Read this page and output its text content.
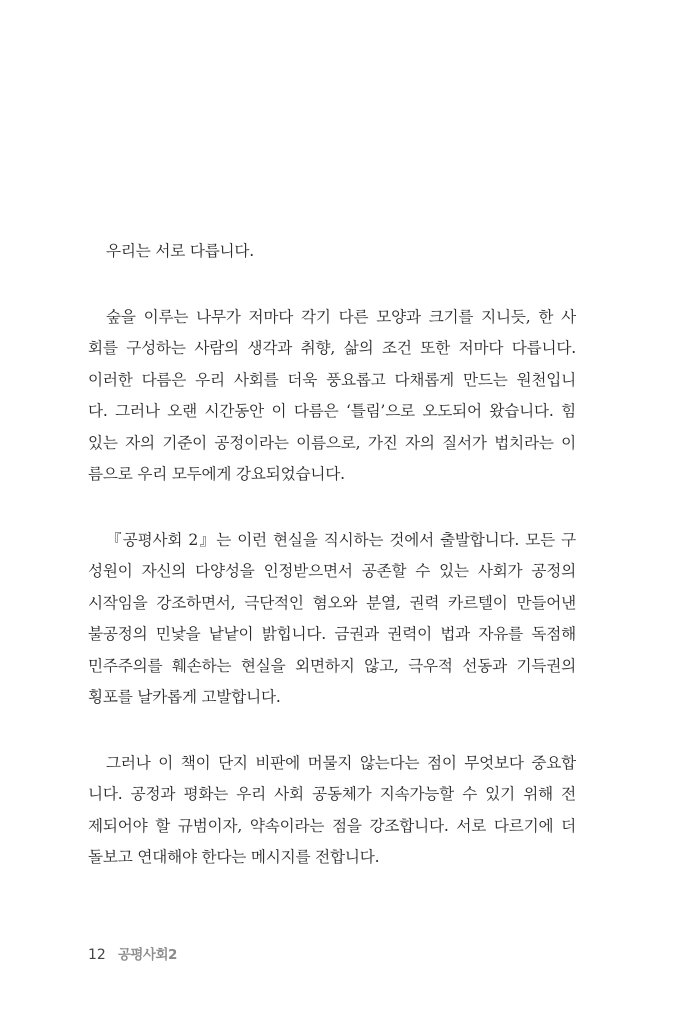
우리는 서로 다릅니다.

숲을 이루는 나무가 저마다 각기 다른 모양과 크기를 지니듯, 한 사
회를 구성하는 사람의 생각과 취향, 삶의 조건 또한 저마다 다릅니다.
이러한 다름은 우리 사회를 더욱 풍요롭고 다채롭게 만드는 원천입니
다. 그러나 오랜 시간동안 이 다름은 ‘틀림’으로 오도되어 왔습니다. 힘
있는 자의 기준이 공정이라는 이름으로, 가진 자의 질서가 법치라는 이
름으로 우리 모두에게 강요되었습니다.

『공평사회 2』는 이런 현실을 직시하는 것에서 출발합니다. 모든 구
성원이 자신의 다양성을 인정받으면서 공존할 수 있는 사회가 공정의
시작임을 강조하면서, 극단적인 혐오와 분열, 권력 카르텔이 만들어낸
불공정의 민낯을 낱낱이 밝힙니다. 금권과 권력이 법과 자유를 독점해
민주주의를 훼손하는 현실을 외면하지 않고, 극우적 선동과 기득권의
횡포를 날카롭게 고발합니다.

그러나 이 책이 단지 비판에 머물지 않는다는 점이 무엇보다 중요합
니다. 공정과 평화는 우리 사회 공동체가 지속가능할 수 있기 위해 전
제되어야 할 규범이자, 약속이라는 점을 강조합니다. 서로 다르기에 더
돌보고 연대해야 한다는 메시지를 전합니다.

12 공평사회2
